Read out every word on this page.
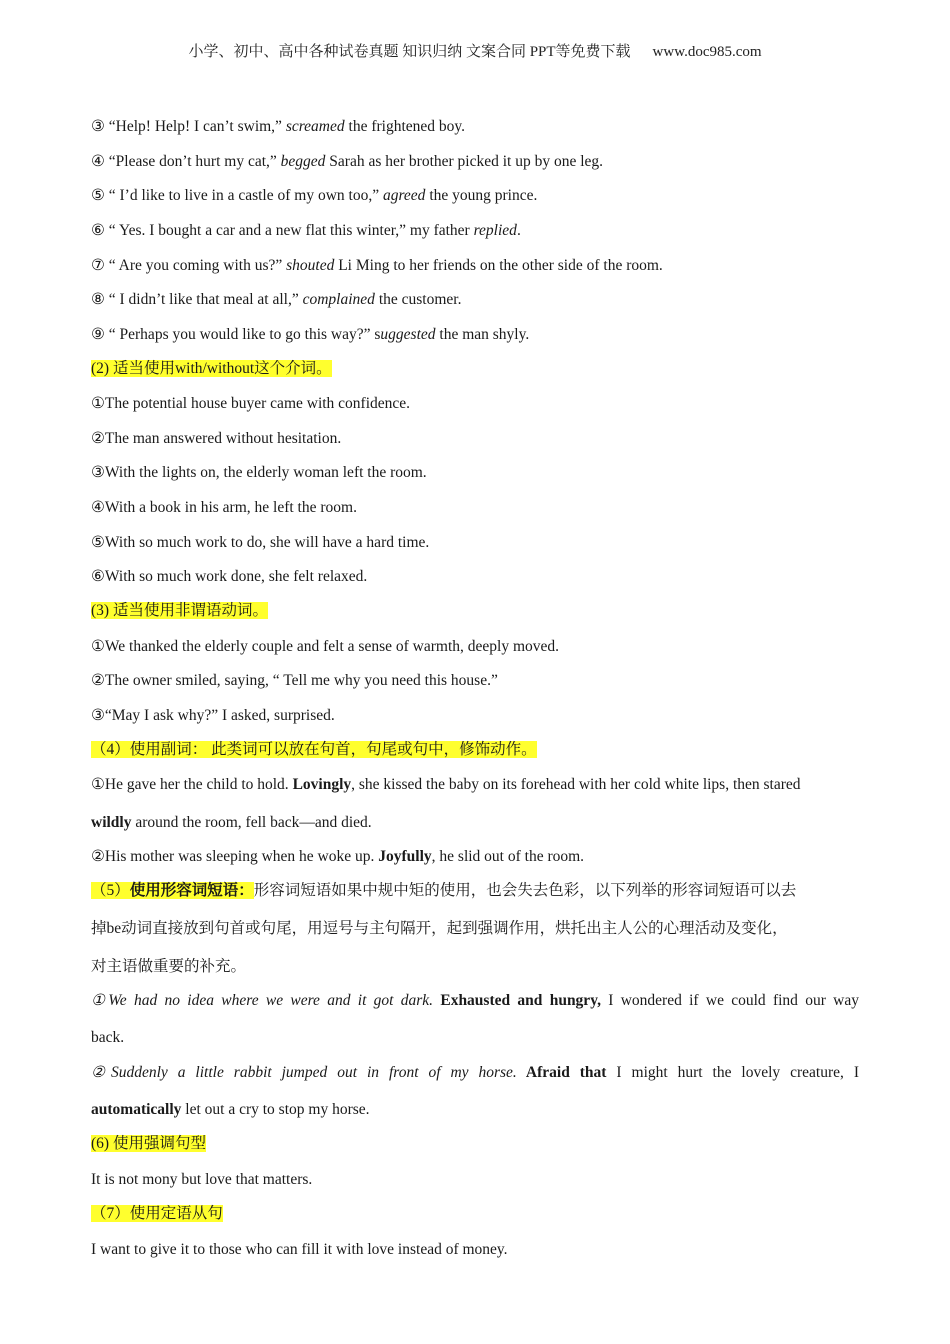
小学、初中、高中各种试卷真题 知识归纳 文案合同 PPT等免费下载 www.doc985.com
③ “Help! Help! I can’t swim,” screamed the frightened boy.
④ “Please don’t hurt my cat,” begged Sarah as her brother picked it up by one leg.
⑤ “ I’d like to live in a castle of my own too,” agreed the young prince.
⑥ “ Yes. I bought a car and a new flat this winter,” my father replied.
⑦ “ Are you coming with us?” shouted Li Ming to her friends on the other side of the room.
⑧ “ I didn’t like that meal at all,” complained the customer.
⑨ “ Perhaps you would like to go this way?” suggested the man shyly.
(2) 适当使用with/without这个介词。
①The potential house buyer came with confidence.
②The man answered without hesitation.
③With the lights on, the elderly woman left the room.
④With a book in his arm, he left the room.
⑤With so much work to do, she will have a hard time.
⑥With so much work done, she felt relaxed.
(3) 适当使用非谓语动词。
①We thanked the elderly couple and felt a sense of warmth, deeply moved.
②The owner smiled, saying, “ Tell me why you need this house.”
③“May I ask why?” I asked, surprised.
（4）使用副词： 此类词可以放在句首，句尾或句中，修饰动作。
①He gave her the child to hold. Lovingly, she kissed the baby on its forehead with her cold white lips, then stared
wildly around the room, fell back—and died.
②His mother was sleeping when he woke up. Joyfully, he slid out of the room.
（5）使用形容词短语：形容词短语如果中规中矩的使用，也会失去色彩，以下列举的形容词短语可以去
掉be动词直接放到句首或句尾，用逗号与主句隔开，起到强调作用，烘托出主人公的心理活动及变化，
对主语做重要的补充。
①We had no idea where we were and it got dark. Exhausted and hungry, I wondered if we could find our way
back.
②Suddenly a little rabbit jumped out in front of my horse. Afraid that I might hurt the lovely creature, I
automatically let out a cry to stop my horse.
(6) 使用强调句型
It is not mony but love that matters.
（7）使用定语从句
I want to give it to those who can fill it with love instead of money.
